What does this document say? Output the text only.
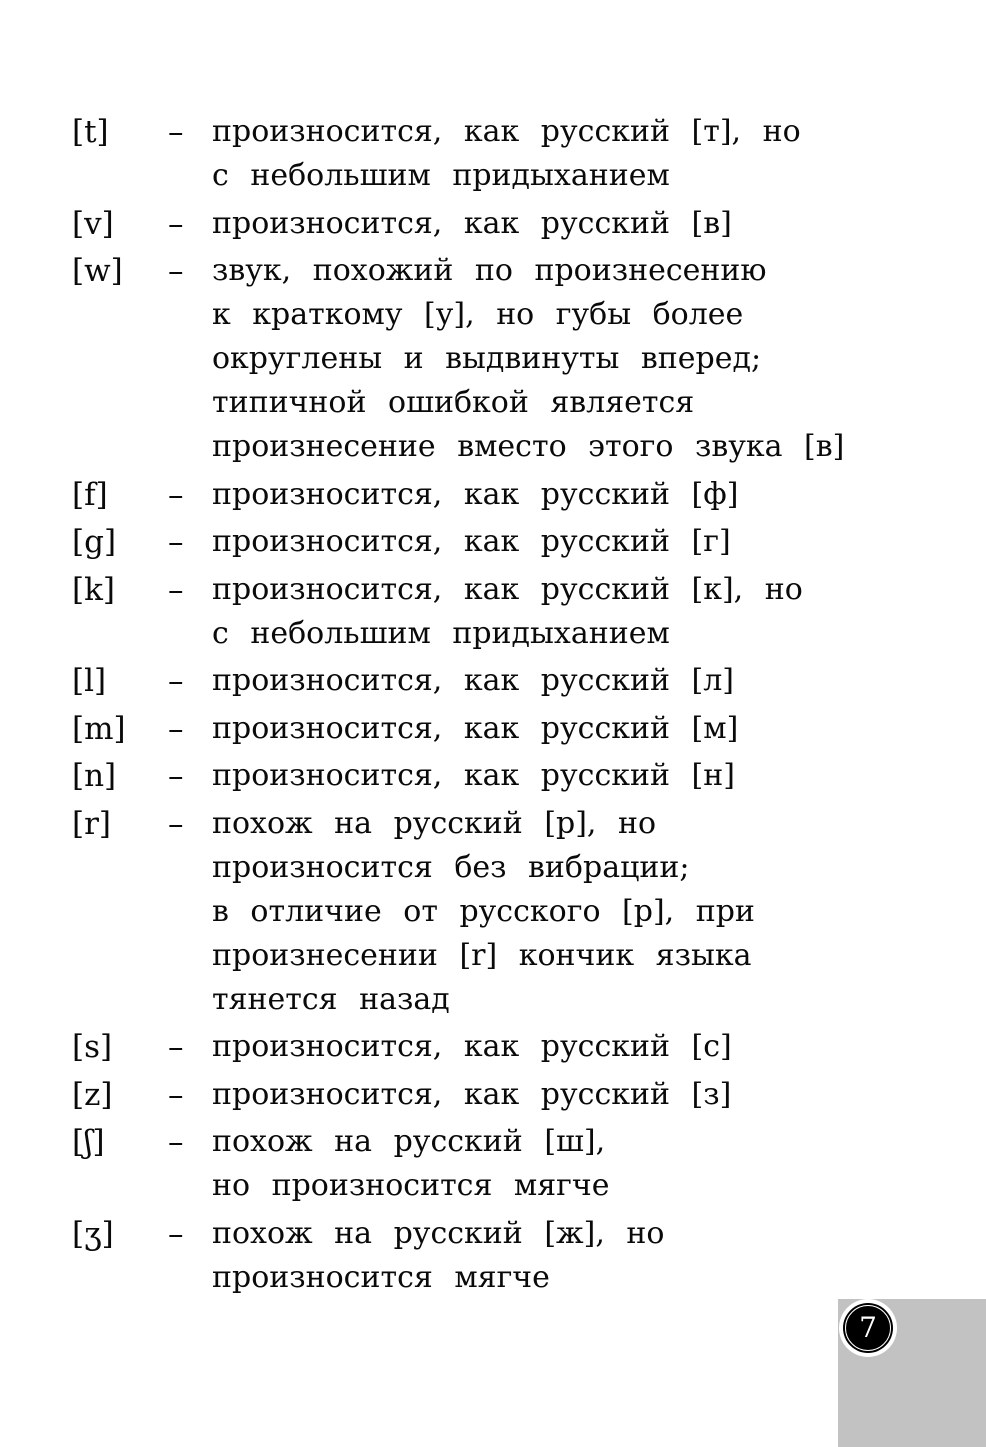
[t]	– произносится, как русский [т], но
с небольшим придыханием
[v]	– произносится, как русский [в]
[w]	– звук, похожий по произнесению
к краткому [у], но губы более
округлены и выдвинуты вперед;
типичной ошибкой является
произнесение вместо этого звука [в]
[f]	– произносится, как русский [ф]
[g]	– произносится, как русский [г]
[k]	– произносится, как русский [к], но
с небольшим придыханием
[l]	– произносится, как русский [л]
[m]	– произносится, как русский [м]
[n]	– произносится, как русский [н]
[r]	– похож на русский [р], но
произносится без вибрации;
в отличие от русского [р], при
произнесении [r] кончик языка
тянется назад
[s]	– произносится, как русский [с]
[z]	– произносится, как русский [з]
[ʃ]	– похож на русский [ш],
но произносится мягче
[ʒ]	– похож на русский [ж], но
произносится мягче
7
